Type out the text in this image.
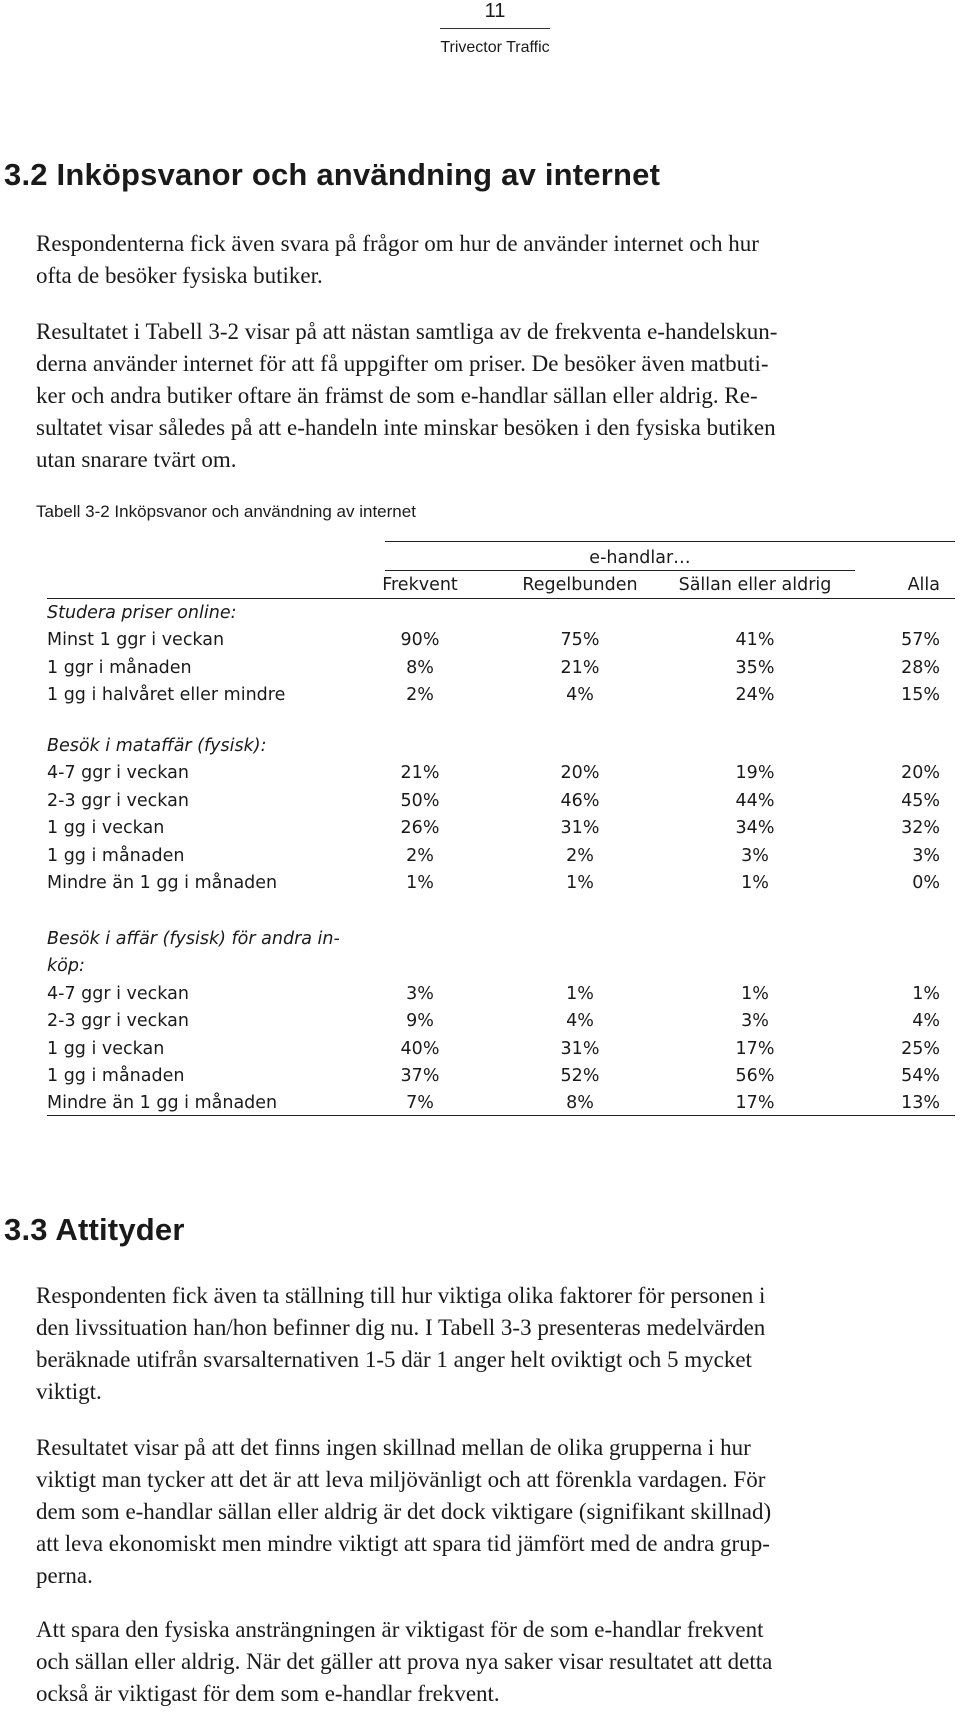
11
Trivector Traffic
3.2 Inköpsvanor och användning av internet
Respondenterna fick även svara på frågor om hur de använder internet och hur
ofta de besöker fysiska butiker.
Resultatet i Tabell 3-2 visar på att nästan samtliga av de frekventa e-handelskun-
derna använder internet för att få uppgifter om priser. De besöker även matbuti-
ker och andra butiker oftare än främst de som e-handlar sällan eller aldrig. Re-
sultatet visar således på att e-handeln inte minskar besöken i den fysiska butiken
utan snarare tvärt om.
Tabell 3-2 Inköpsvanor och användning av internet
e-handlar…
Frekvent	Regelbunden	Sällan eller aldrig	Alla
Studera priser online:
Minst 1 ggr i veckan	90%	75%	41%	57%
1 ggr i månaden	8%	21%	35%	28%
1 gg i halvåret eller mindre	2%	4%	24%	15%
Besök i mataffär (fysisk):
4-7 ggr i veckan	21%	20%	19%	20%
2-3 ggr i veckan	50%	46%	44%	45%
1 gg i veckan	26%	31%	34%	32%
1 gg i månaden	2%	2%	3%	3%
Mindre än 1 gg i månaden	1%	1%	1%	0%
Besök i affär (fysisk) för andra in-
köp:
4-7 ggr i veckan	3%	1%	1%	1%
2-3 ggr i veckan	9%	4%	3%	4%
1 gg i veckan	40%	31%	17%	25%
1 gg i månaden	37%	52%	56%	54%
Mindre än 1 gg i månaden	7%	8%	17%	13%
3.3 Attityder
Respondenten fick även ta ställning till hur viktiga olika faktorer för personen i
den livssituation han/hon befinner dig nu. I Tabell 3-3 presenteras medelvärden
beräknade utifrån svarsalternativen 1-5 där 1 anger helt oviktigt och 5 mycket
viktigt.
Resultatet visar på att det finns ingen skillnad mellan de olika grupperna i hur
viktigt man tycker att det är att leva miljövänligt och att förenkla vardagen. För
dem som e-handlar sällan eller aldrig är det dock viktigare (signifikant skillnad)
att leva ekonomiskt men mindre viktigt att spara tid jämfört med de andra grup-
perna.
Att spara den fysiska ansträngningen är viktigast för de som e-handlar frekvent
och sällan eller aldrig. När det gäller att prova nya saker visar resultatet att detta
också är viktigast för dem som e-handlar frekvent.
